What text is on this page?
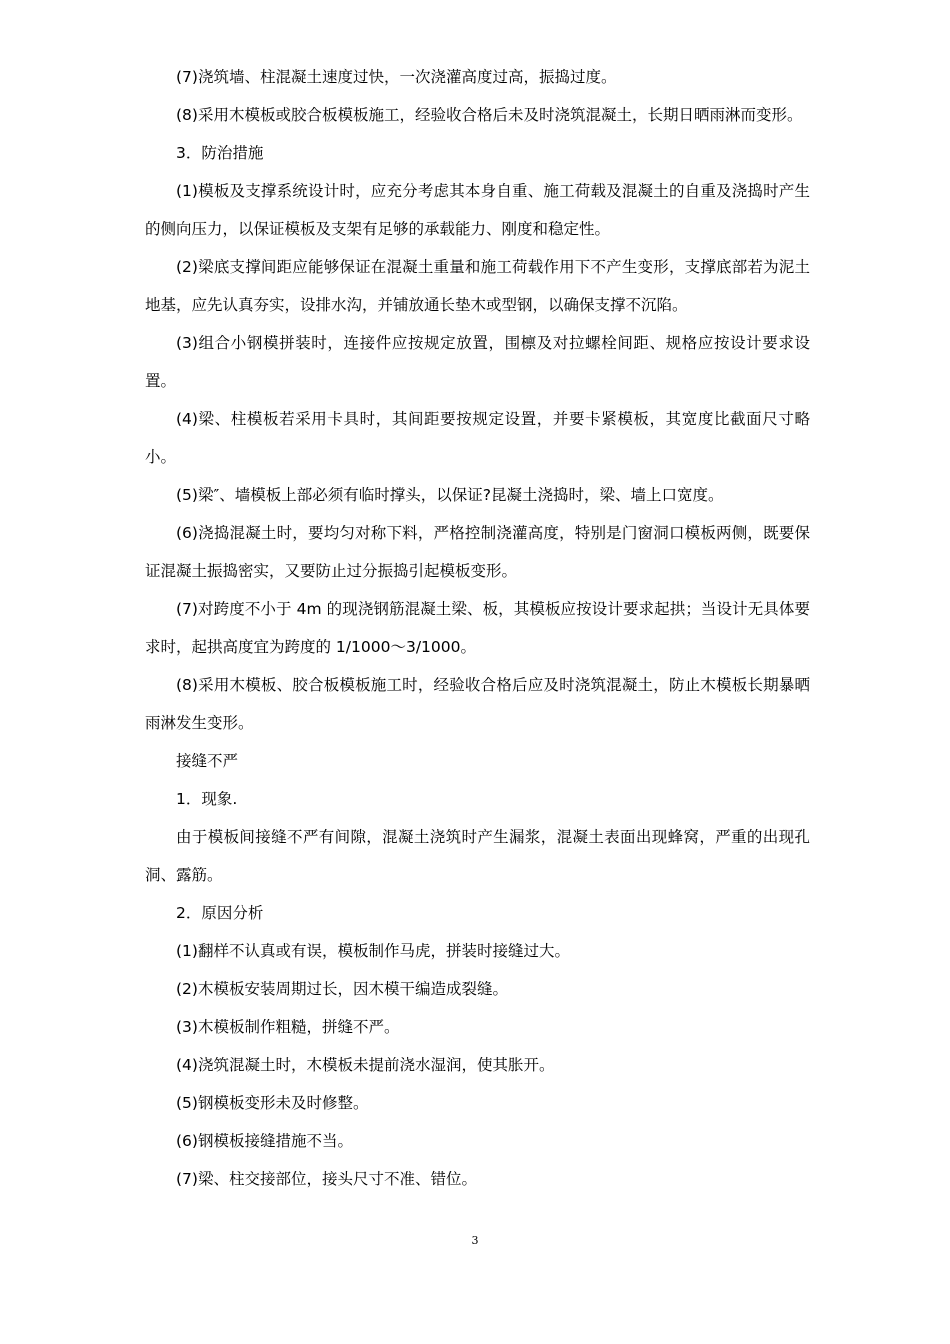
(7)浇筑墙、柱混凝土速度过快，一次浇灌高度过高，振捣过度。

(8)采用木模板或胶合板模板施工，经验收合格后未及时浇筑混凝土，长期日晒雨淋而变形。

3．防治措施

(1)模板及支撑系统设计时，应充分考虑其本身自重、施工荷载及混凝土的自重及浇捣时产生的侧向压力，以保证模板及支架有足够的承载能力、刚度和稳定性。

(2)梁底支撑间距应能够保证在混凝土重量和施工荷载作用下不产生变形，支撑底部若为泥土地基，应先认真夯实，设排水沟，并铺放通长垫木或型钢，以确保支撑不沉陷。

(3)组合小钢模拼装时，连接件应按规定放置，围檩及对拉螺栓间距、规格应按设计要求设置。

(4)梁、柱模板若采用卡具时，其间距要按规定设置，并要卡紧模板，其宽度比截面尺寸略小。

(5)梁″、墙模板上部必须有临时撑头，以保证?昆凝土浇捣时，梁、墙上口宽度。

(6)浇捣混凝土时，要均匀对称下料，严格控制浇灌高度，特别是门窗洞口模板两侧，既要保证混凝土振捣密实，又要防止过分振捣引起模板变形。

(7)对跨度不小于 4m 的现浇钢筋混凝土梁、板，其模板应按设计要求起拱；当设计无具体要求时，起拱高度宜为跨度的 1/1000～3/1000。

(8)采用木模板、胶合板模板施工时，经验收合格后应及时浇筑混凝土，防止木模板长期暴晒雨淋发生变形。

接缝不严

1．现象.

由于模板间接缝不严有间隙，混凝土浇筑时产生漏浆，混凝土表面出现蜂窝，严重的出现孔洞、露筋。

2．原因分析

(1)翻样不认真或有误，模板制作马虎，拼装时接缝过大。

(2)木模板安装周期过长，因木模干编造成裂缝。

(3)木模板制作粗糙，拼缝不严。

(4)浇筑混凝土时，木模板未提前浇水湿润，使其胀开。

(5)钢模板变形未及时修整。

(6)钢模板接缝措施不当。

(7)梁、柱交接部位，接头尺寸不准、错位。

3
